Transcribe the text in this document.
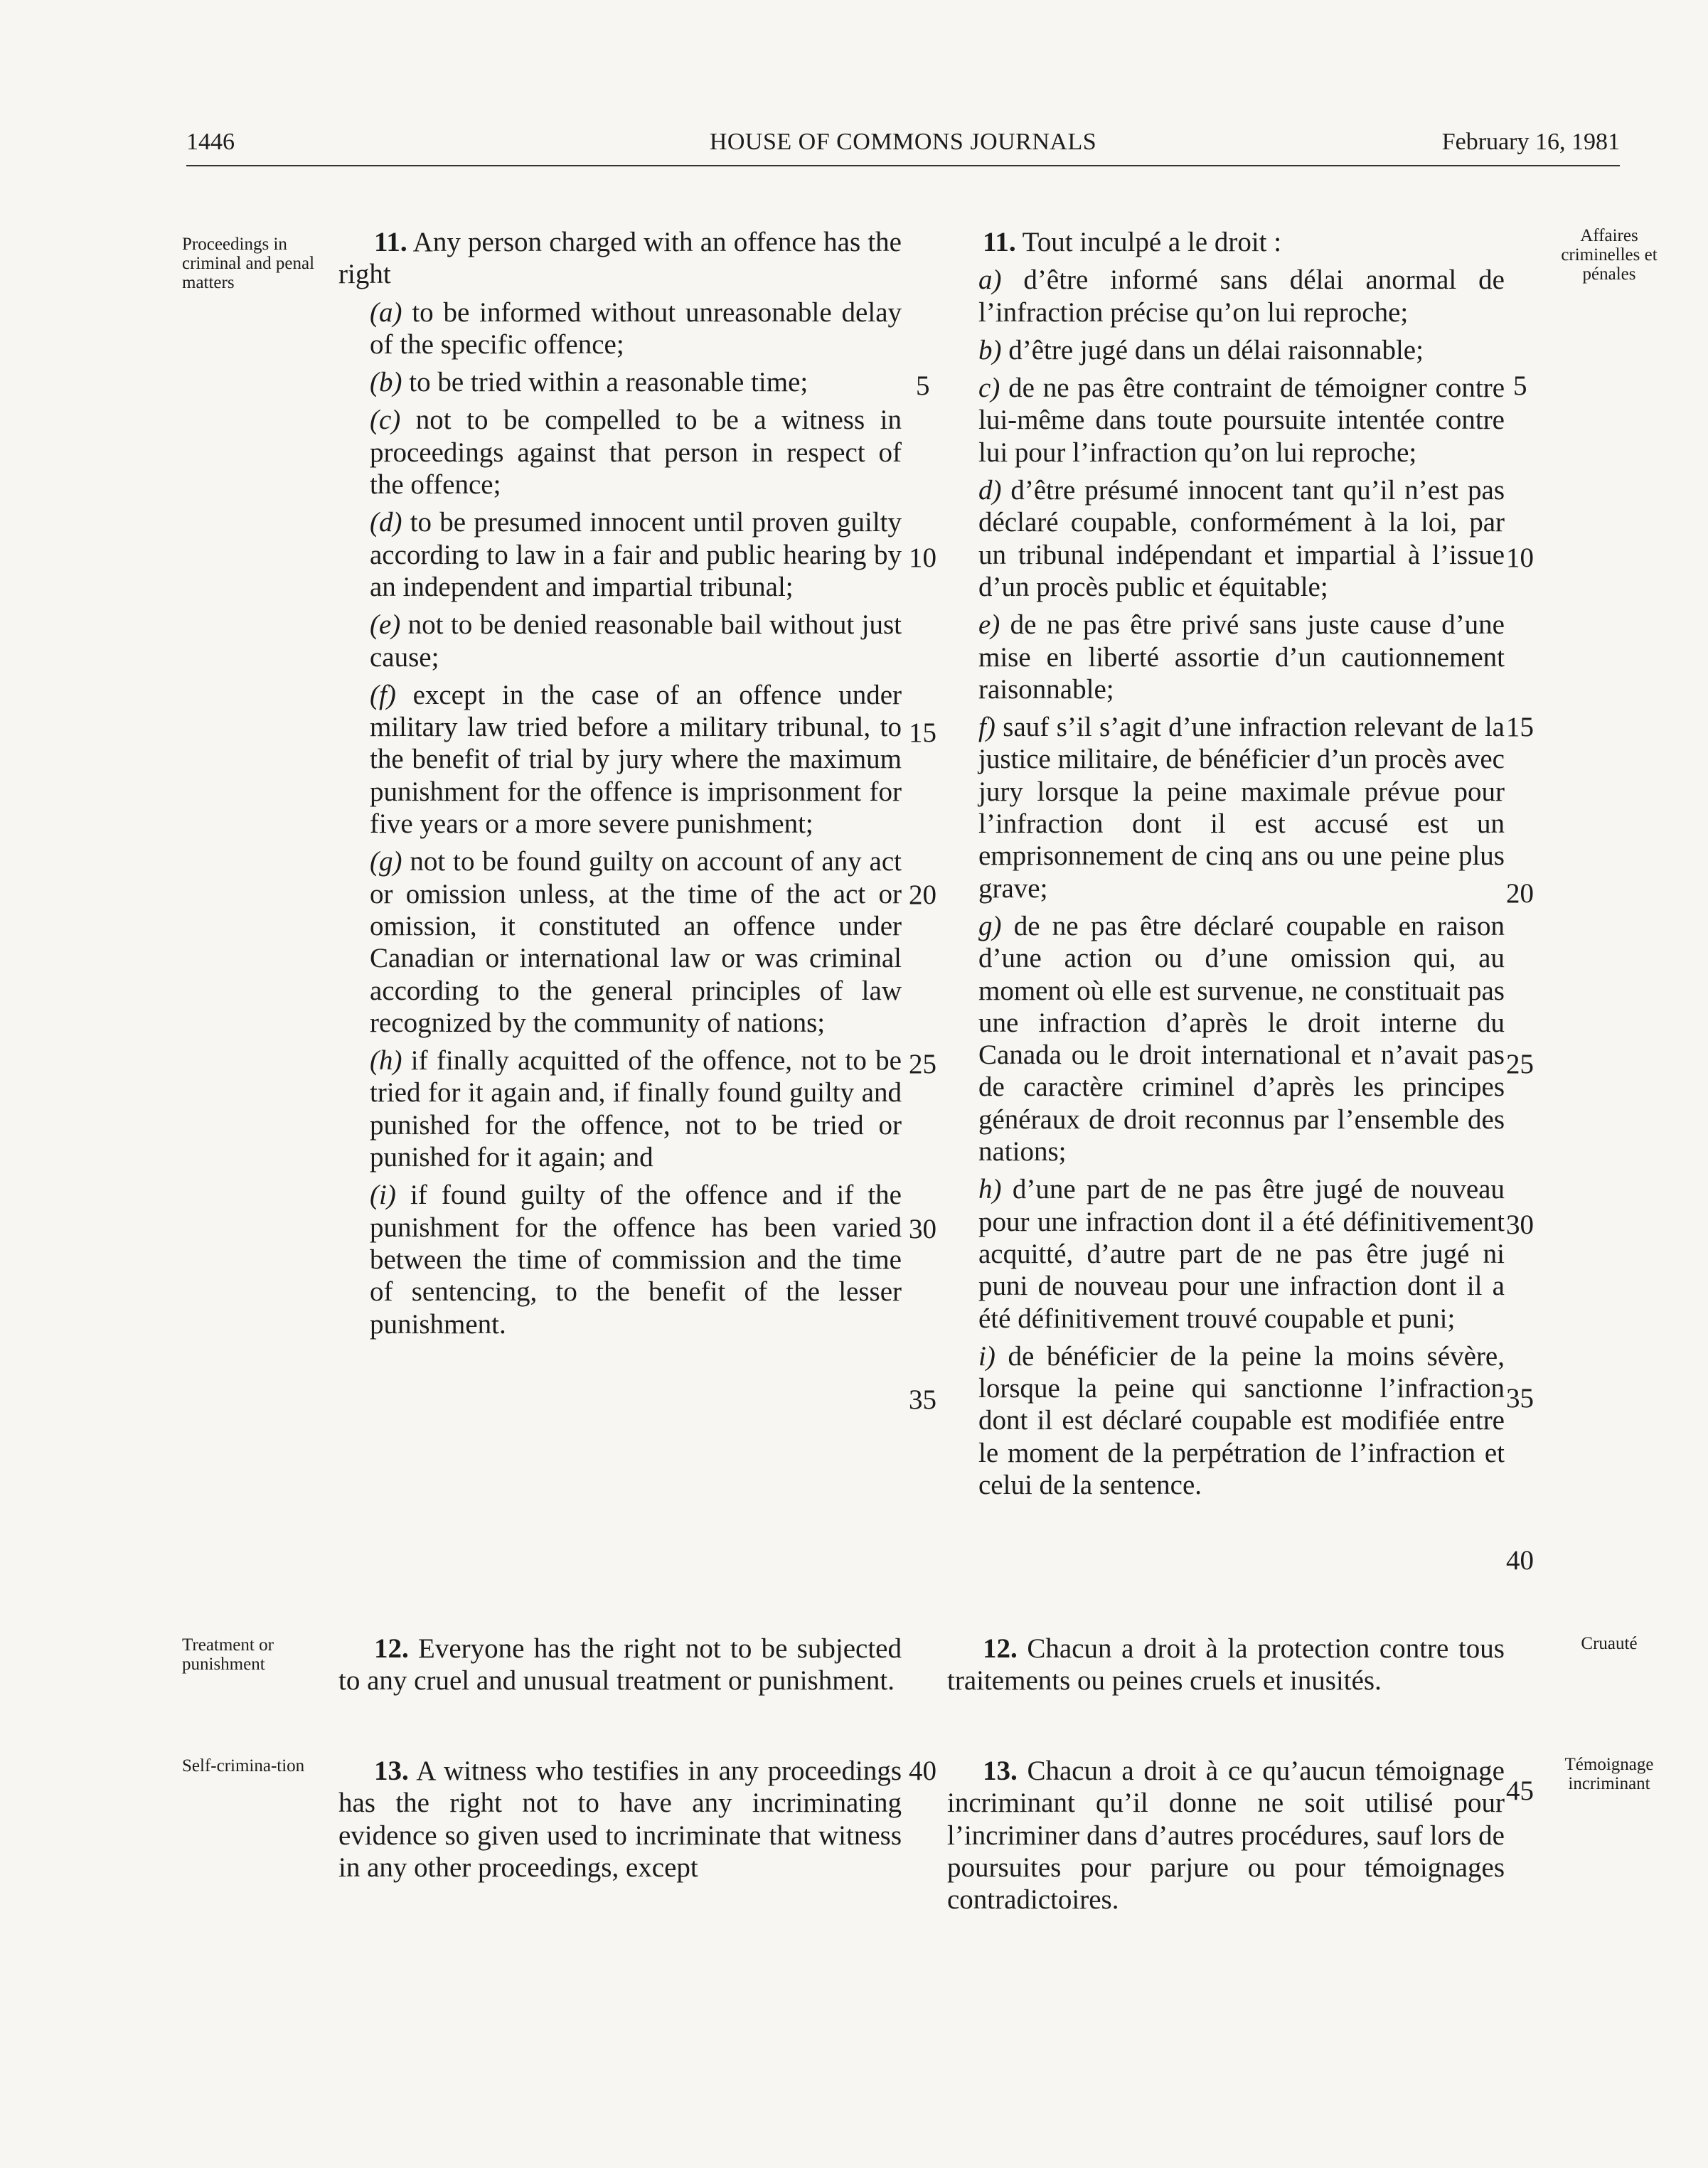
1446	HOUSE OF COMMONS JOURNALS	February 16, 1981
Proceedings in criminal and penal matters
Treatment or punishment
Self-crimina-tion
Affaires criminelles et pénales
Cruauté
Témoignage incriminant

11. Any person charged with an offence has the right

(a) to be informed without unreasonable delay of the specific offence;

(b) to be tried within a reasonable time;

(c) not to be compelled to be a witness in proceedings against that person in respect of the offence;

(d) to be presumed innocent until proven guilty according to law in a fair and public hearing by an independent and impartial tribunal;

(e) not to be denied reasonable bail without just cause;

(f) except in the case of an offence under military law tried before a military tribunal, to the benefit of trial by jury where the maximum punishment for the offence is imprisonment for five years or a more severe punishment;

(g) not to be found guilty on account of any act or omission unless, at the time of the act or omission, it constituted an offence under Canadian or international law or was criminal according to the general principles of law recognized by the community of nations;

(h) if finally acquitted of the offence, not to be tried for it again and, if finally found guilty and punished for the offence, not to be tried or punished for it again; and

(i) if found guilty of the offence and if the punishment for the offence has been varied between the time of commission and the time of sentencing, to the benefit of the lesser punishment.

11. Tout inculpé a le droit :

a) d’être informé sans délai anormal de l’infraction précise qu’on lui reproche;

b) d’être jugé dans un délai raisonnable;

c) de ne pas être contraint de témoigner contre lui-même dans toute poursuite intentée contre lui pour l’infraction qu’on lui reproche;

d) d’être présumé innocent tant qu’il n’est pas déclaré coupable, conformément à la loi, par un tribunal indépendant et impartial à l’issue d’un procès public et équitable;

e) de ne pas être privé sans juste cause d’une mise en liberté assortie d’un cautionnement raisonnable;

f) sauf s’il s’agit d’une infraction relevant de la justice militaire, de bénéficier d’un procès avec jury lorsque la peine maximale prévue pour l’infraction dont il est accusé est un emprisonnement de cinq ans ou une peine plus grave;

g) de ne pas être déclaré coupable en raison d’une action ou d’une omission qui, au moment où elle est survenue, ne constituait pas une infraction d’après le droit interne du Canada ou le droit international et n’avait pas de caractère criminel d’après les principes généraux de droit reconnus par l’ensemble des nations;

h) d’une part de ne pas être jugé de nouveau pour une infraction dont il a été définitivement acquitté, d’autre part de ne pas être jugé ni puni de nouveau pour une infraction dont il a été définitivement trouvé coupable et puni;

i) de bénéficier de la peine la moins sévère, lorsque la peine qui sanctionne l’infraction dont il est déclaré coupable est modifiée entre le moment de la perpétration de l’infraction et celui de la sentence.

12. Everyone has the right not to be subjected to any cruel and unusual treatment or punishment.

12. Chacun a droit à la protection contre tous traitements ou peines cruels et inusités.

13. A witness who testifies in any proceedings has the right not to have any incriminating evidence so given used to incriminate that witness in any other proceedings, except

13. Chacun a droit à ce qu’aucun témoignage incriminant qu’il donne ne soit utilisé pour l’incriminer dans d’autres procédures, sauf lors de poursuites pour parjure ou pour témoignages contradictoires.

5
10
15
20
25
30
35
40
5
10
15
20
25
30
35
40
45
